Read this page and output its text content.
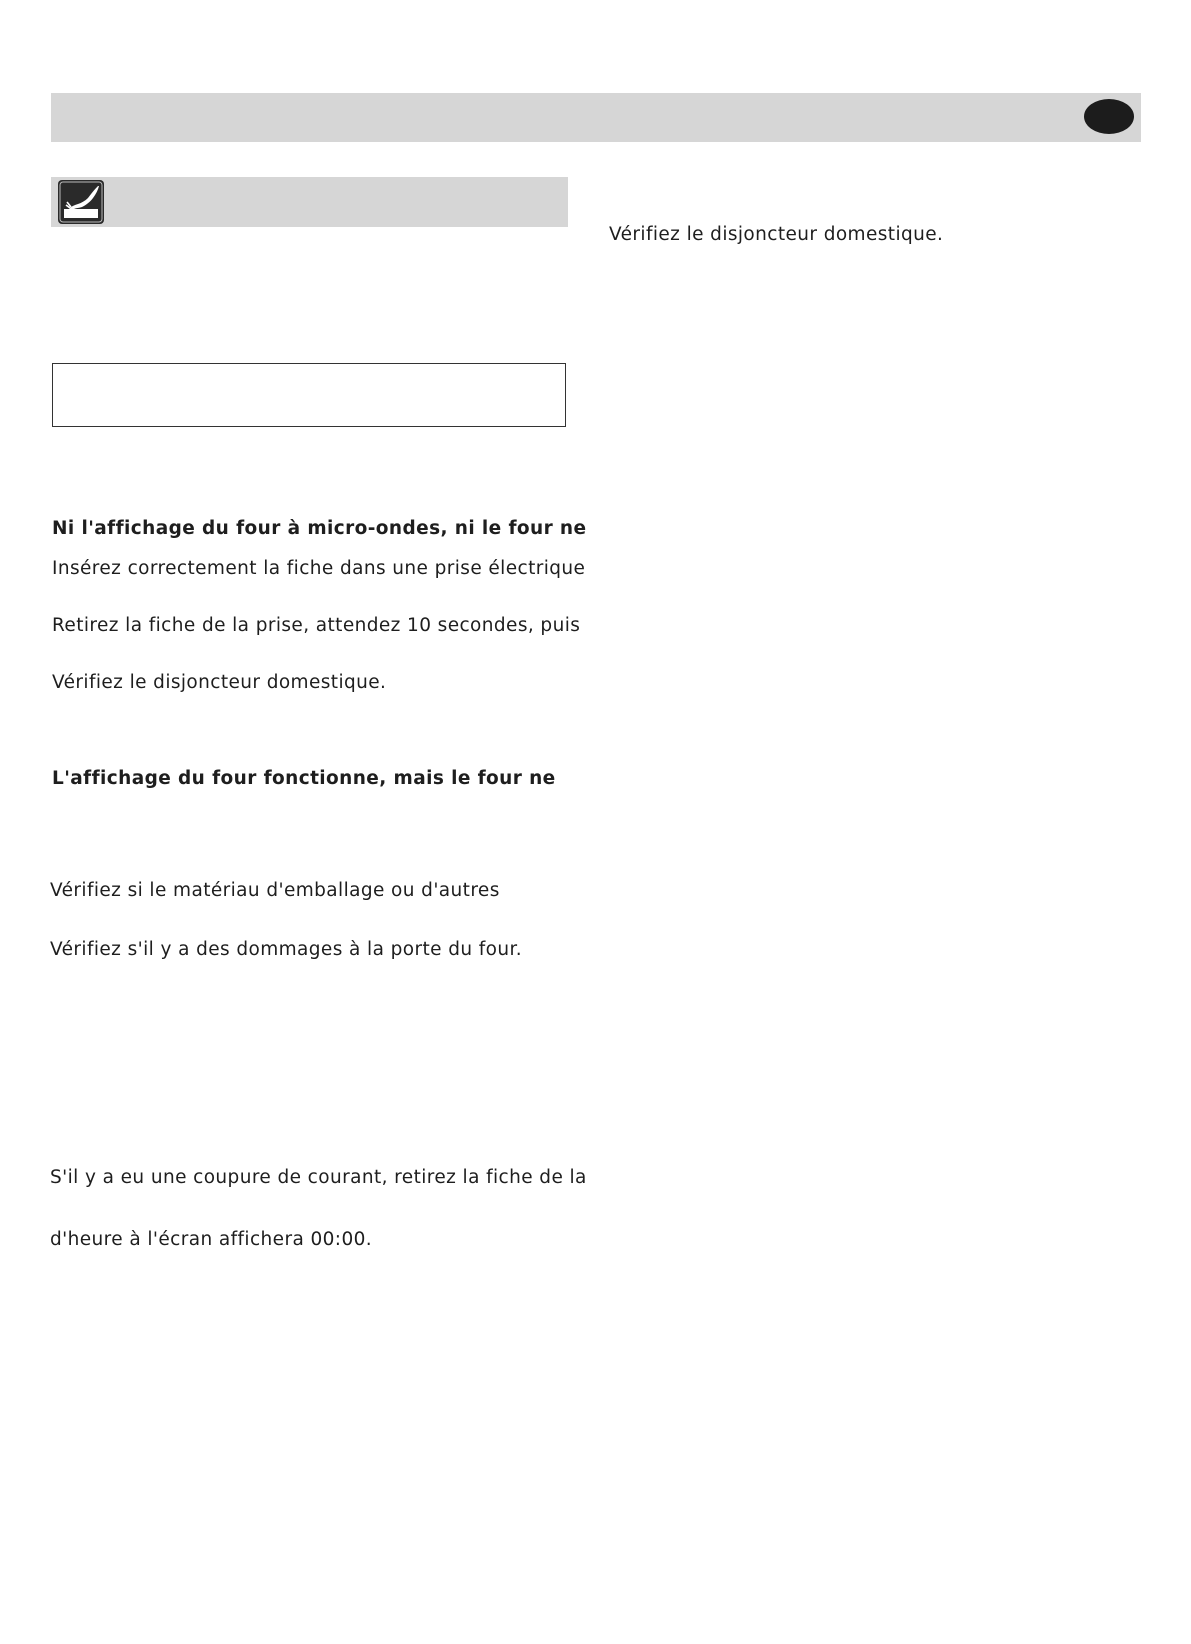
Ni l'affichage du four à micro-ondes, ni le four ne
Insérez correctement la fiche dans une prise électrique
Retirez la fiche de la prise, attendez 10 secondes, puis
Vérifiez le disjoncteur domestique.
L'affichage du four fonctionne, mais le four ne
Vérifiez si le matériau d'emballage ou d'autres
Vérifiez s'il y a des dommages à la porte du four.
S'il y a eu une coupure de courant, retirez la fiche de la
d'heure à l'écran affichera 00:00.
Vérifiez le disjoncteur domestique.
